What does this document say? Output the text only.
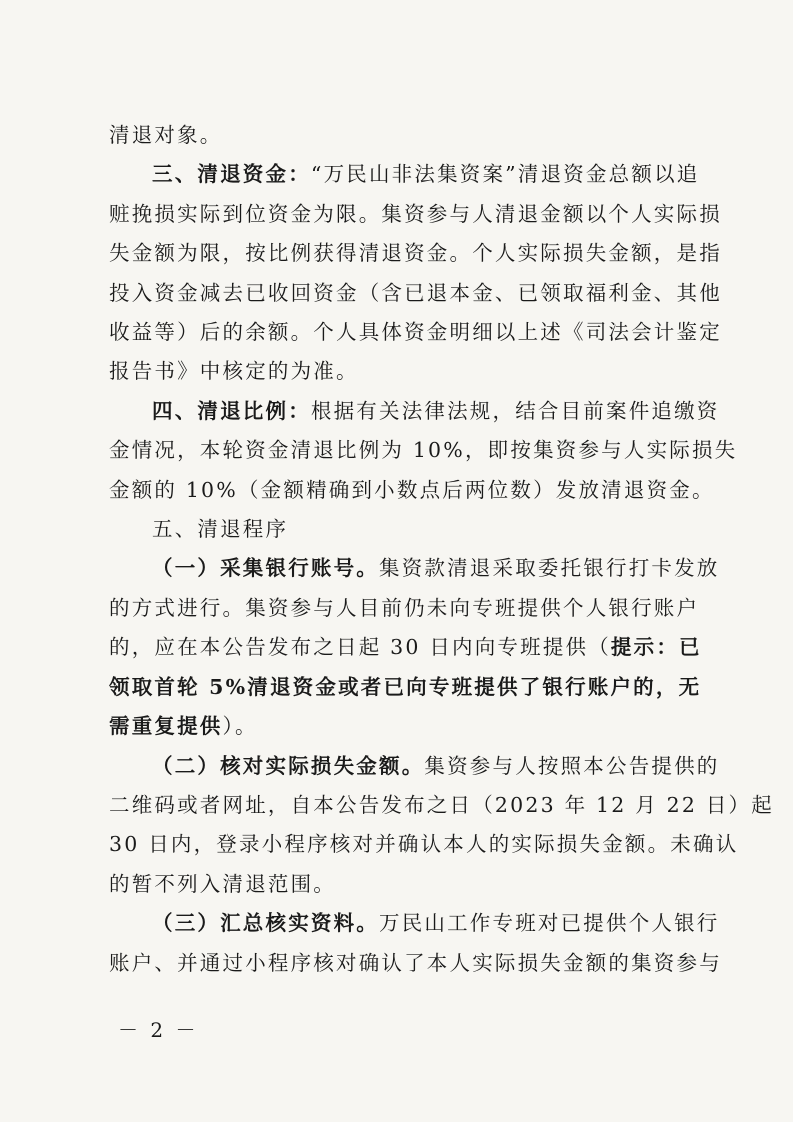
清退对象。

三、清退资金：“万民山非法集资案”清退资金总额以追

赃挽损实际到位资金为限。集资参与人清退金额以个人实际损

失金额为限，按比例获得清退资金。个人实际损失金额，是指

投入资金减去已收回资金（含已退本金、已领取福利金、其他

收益等）后的余额。个人具体资金明细以上述《司法会计鉴定

报告书》中核定的为准。

四、清退比例：根据有关法律法规，结合目前案件追缴资

金情况，本轮资金清退比例为 10%，即按集资参与人实际损失

金额的 10%（金额精确到小数点后两位数）发放清退资金。

五、清退程序

（一）采集银行账号。集资款清退采取委托银行打卡发放

的方式进行。集资参与人目前仍未向专班提供个人银行账户

的，应在本公告发布之日起 30 日内向专班提供（提示：已

领取首轮 5%清退资金或者已向专班提供了银行账户的，无

需重复提供）。

（二）核对实际损失金额。集资参与人按照本公告提供的

二维码或者网址，自本公告发布之日（2023 年 12 月 22 日）起

30 日内，登录小程序核对并确认本人的实际损失金额。未确认

的暂不列入清退范围。

（三）汇总核实资料。万民山工作专班对已提供个人银行

账户、并通过小程序核对确认了本人实际损失金额的集资参与

－ 2 －
